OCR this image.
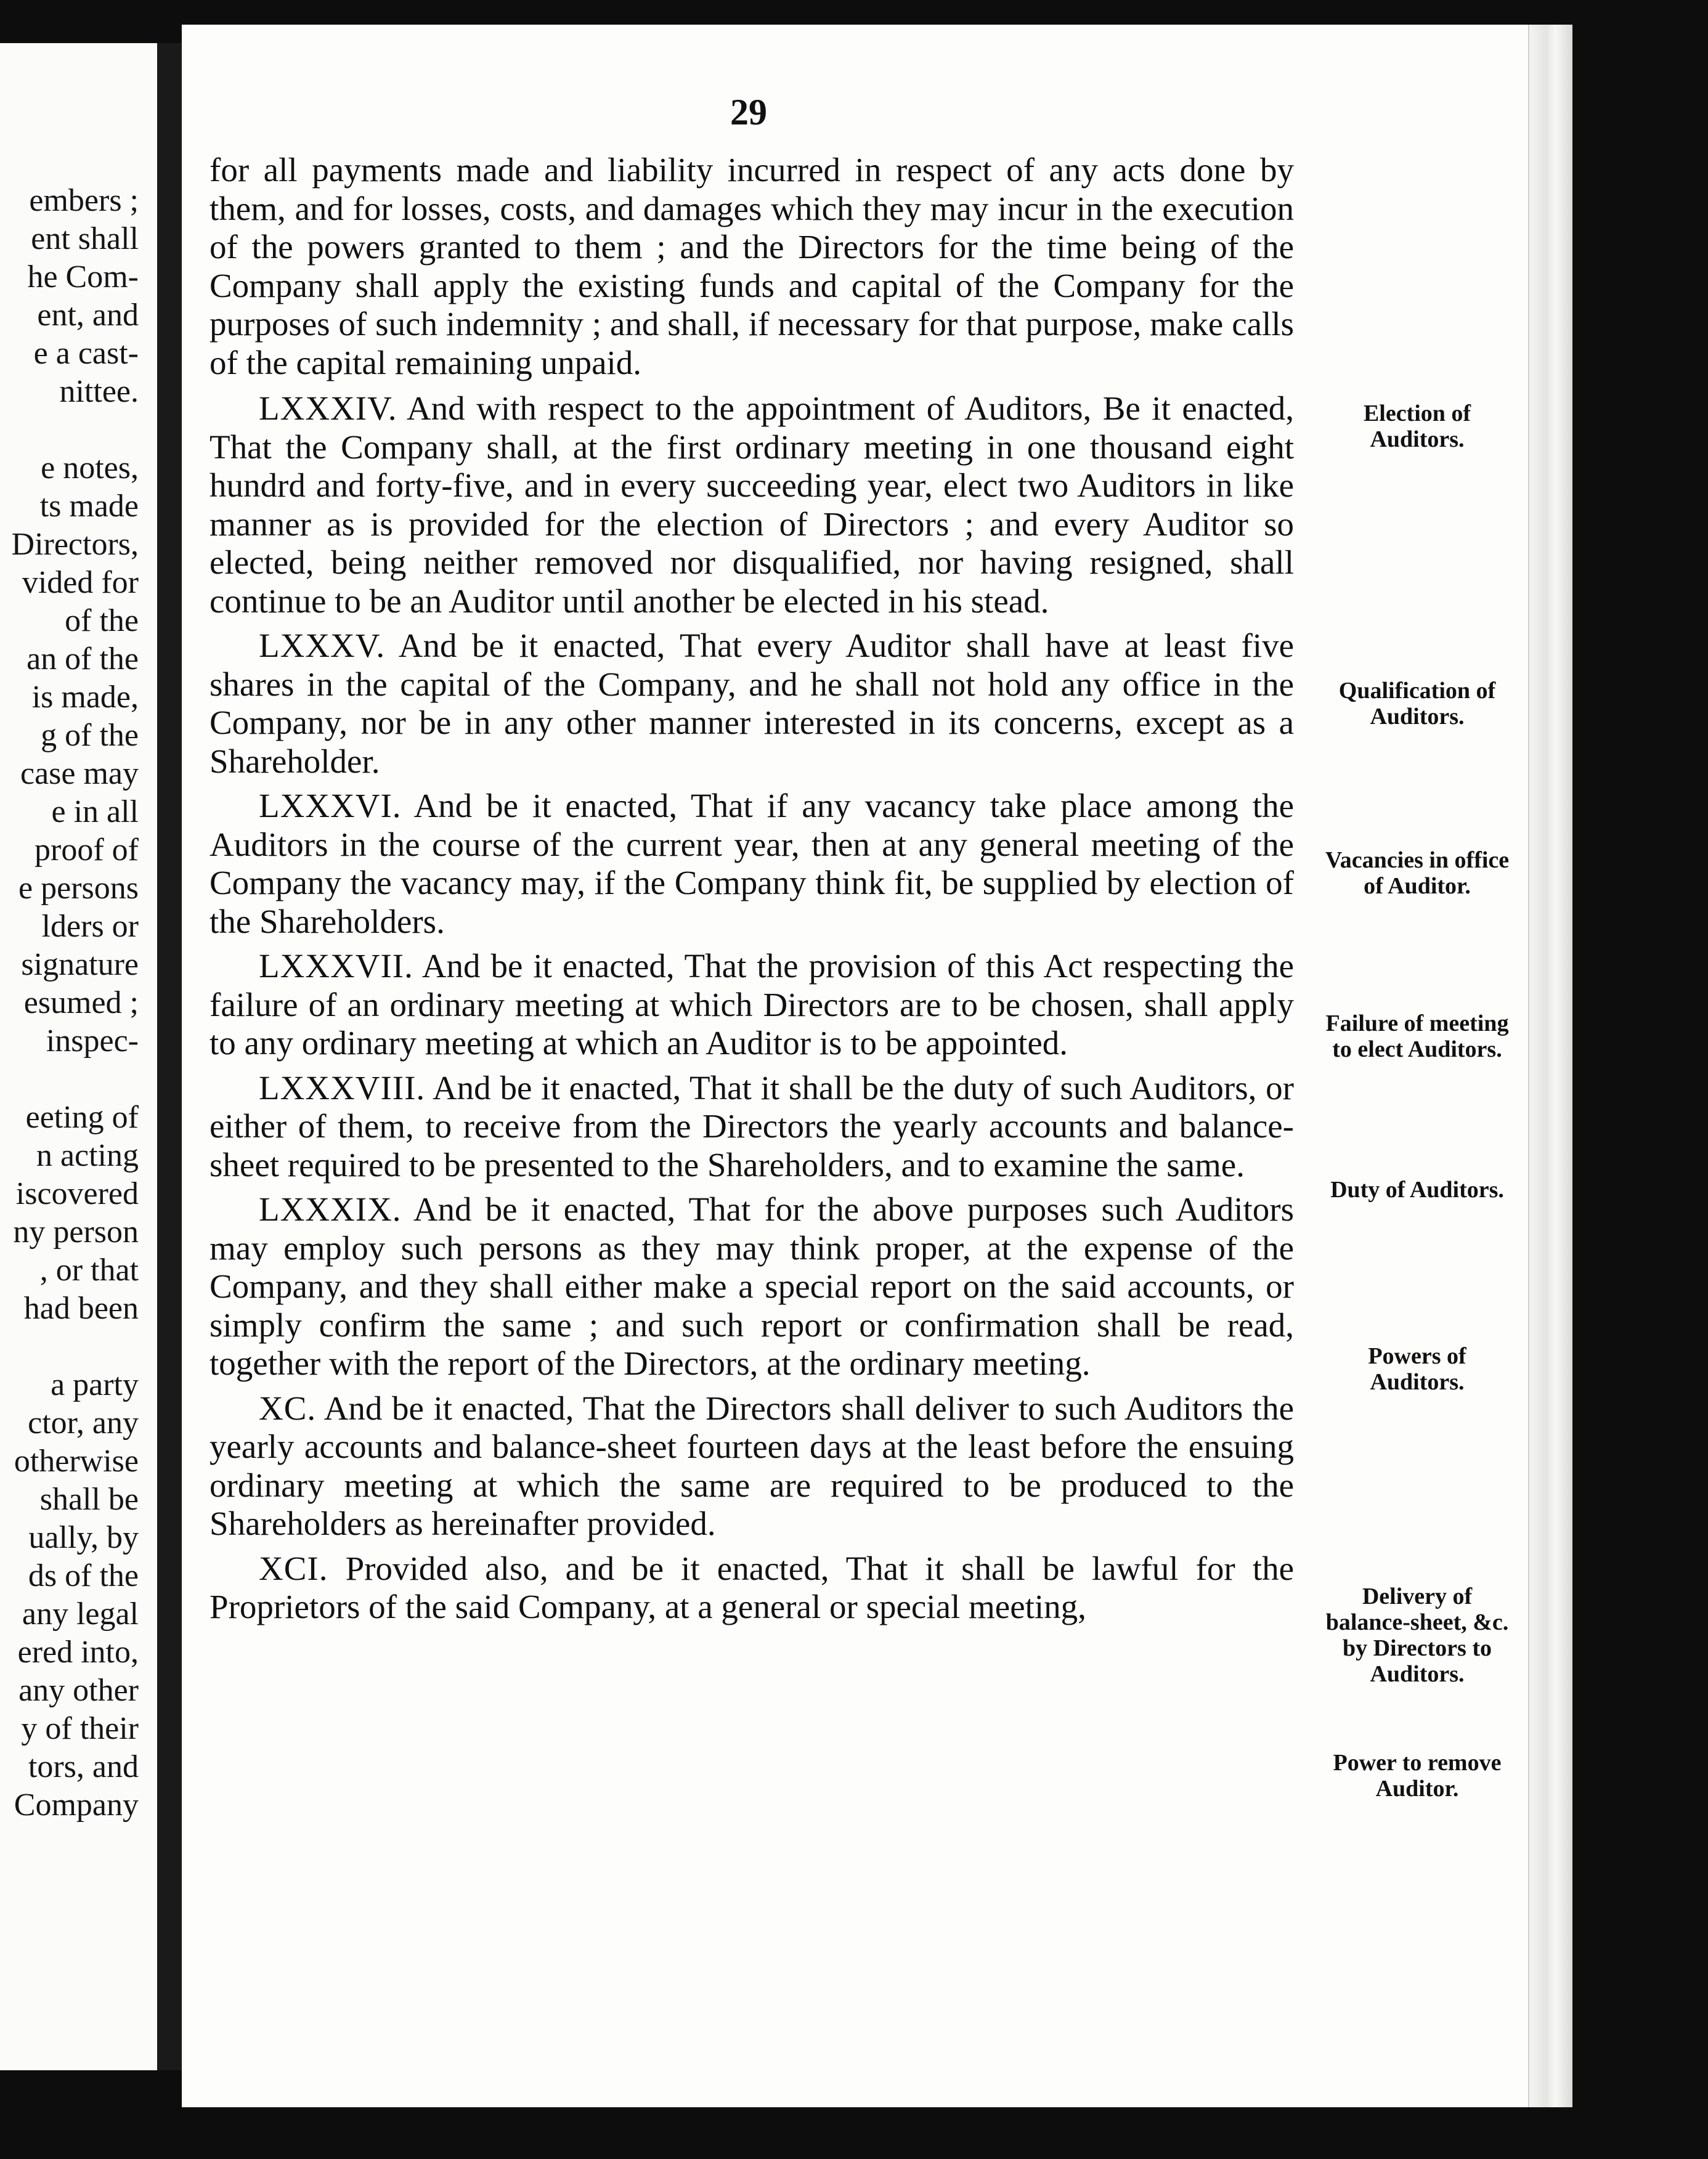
embers ;
ent shall
he Com-
ent, and
e a cast-
nittee.

e notes,
ts made
Directors,
vided for
of the
an of the
is made,
g of the
case may
e in all
proof of
e persons
lders or
signature
esumed ;
inspec-

eeting of
n acting
iscovered
ny person
, or that
had been

a party
ctor, any
otherwise
shall be
ually, by
ds of the
any legal
ered into,
any other
y of their
tors, and
Company
29

for all payments made and liability incurred in respect of any acts done by them, and for losses, costs, and damages which they may incur in the execution of the powers granted to them ; and the Directors for the time being of the Company shall apply the existing funds and capital of the Company for the purposes of such indemnity ; and shall, if necessary for that purpose, make calls of the capital remaining unpaid.

LXXXIV. And with respect to the appointment of Auditors, Be it enacted, That the Company shall, at the first ordinary meeting in one thousand eight hundrd and forty-five, and in every succeeding year, elect two Auditors in like manner as is provided for the election of Directors ; and every Auditor so elected, being neither removed nor disqualified, nor having resigned, shall continue to be an Auditor until another be elected in his stead.

LXXXV. And be it enacted, That every Auditor shall have at least five shares in the capital of the Company, and he shall not hold any office in the Company, nor be in any other manner interested in its concerns, except as a Shareholder.

LXXXVI. And be it enacted, That if any vacancy take place among the Auditors in the course of the current year, then at any general meeting of the Company the vacancy may, if the Company think fit, be supplied by election of the Shareholders.

LXXXVII. And be it enacted, That the provision of this Act respecting the failure of an ordinary meeting at which Directors are to be chosen, shall apply to any ordinary meeting at which an Auditor is to be appointed.

LXXXVIII. And be it enacted, That it shall be the duty of such Auditors, or either of them, to receive from the Directors the yearly accounts and balance-sheet required to be presented to the Shareholders, and to examine the same.

LXXXIX. And be it enacted, That for the above purposes such Auditors may employ such persons as they may think proper, at the expense of the Company, and they shall either make a special report on the said accounts, or simply confirm the same ; and such report or confirmation shall be read, together with the report of the Directors, at the ordinary meeting.

XC. And be it enacted, That the Directors shall deliver to such Auditors the yearly accounts and balance-sheet fourteen days at the least before the ensuing ordinary meeting at which the same are required to be produced to the Shareholders as hereinafter provided.

XCI. Provided also, and be it enacted, That it shall be lawful for the Proprietors of the said Company, at a general or special meeting,

Election of Auditors.
Qualification of Auditors.
Vacancies in office of Auditor.
Failure of meeting to elect Auditors.
Duty of Auditors.
Powers of Auditors.
Delivery of balance-sheet, &c. by Directors to Auditors.
Power to remove Auditor.
